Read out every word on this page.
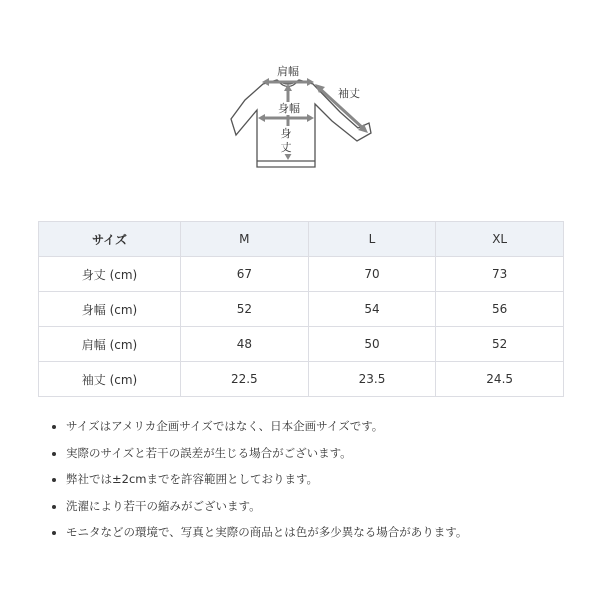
肩幅
袖丈
身幅
身
丈
サイズ	M	L	XL
身丈 (cm)	67	70	73
身幅 (cm)	52	54	56
肩幅 (cm)	48	50	52
袖丈 (cm)	22.5	23.5	24.5
• サイズはアメリカ企画サイズではなく、日本企画サイズです。
• 実際のサイズと若干の誤差が生じる場合がございます。
• 弊社では±2cmまでを許容範囲としております。
• 洗濯により若干の縮みがございます。
• モニタなどの環境で、写真と実際の商品とは色が多少異なる場合があります。
